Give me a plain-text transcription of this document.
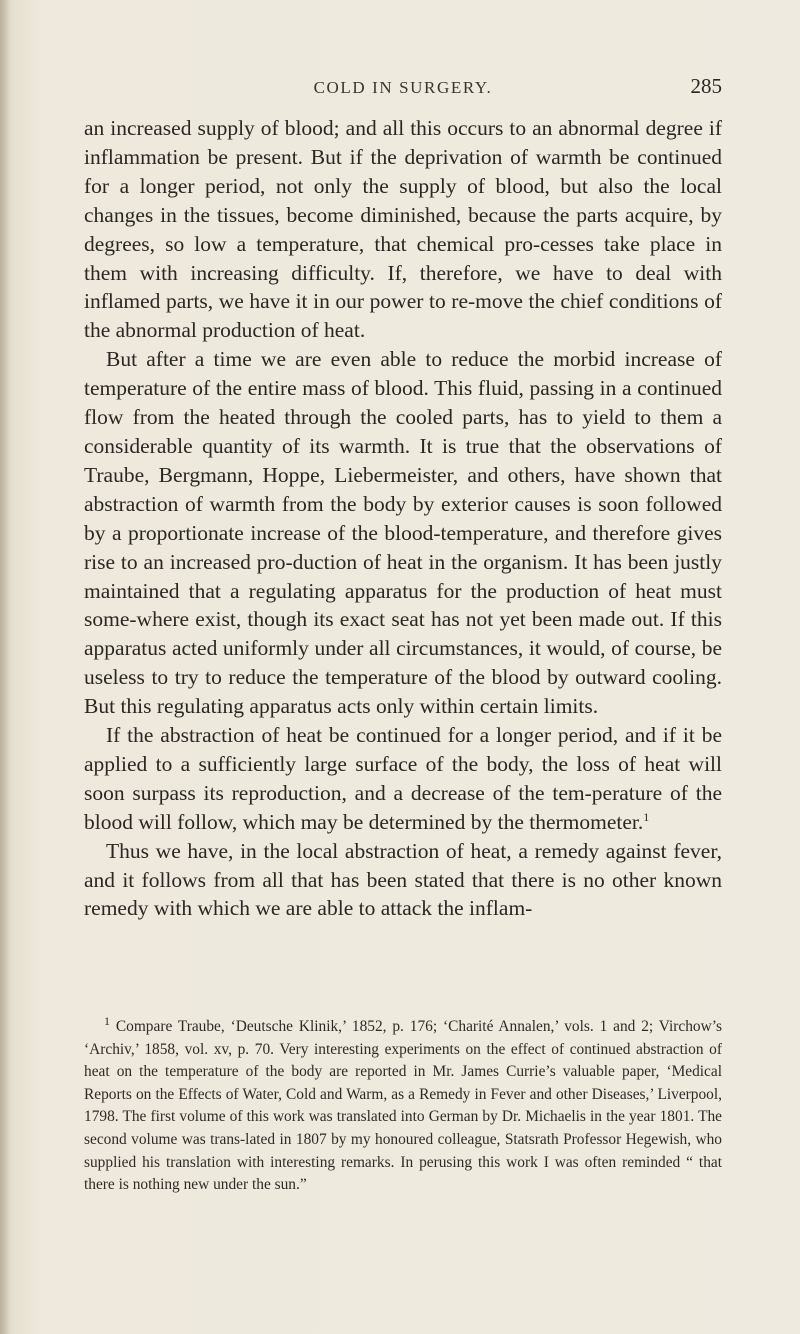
COLD IN SURGERY.	285

an increased supply of blood; and all this occurs to an abnormal degree if inflammation be present. But if the deprivation of warmth be continued for a longer period, not only the supply of blood, but also the local changes in the tissues, become diminished, because the parts acquire, by degrees, so low a temperature, that chemical pro-cesses take place in them with increasing difficulty. If, therefore, we have to deal with inflamed parts, we have it in our power to re-move the chief conditions of the abnormal production of heat.

But after a time we are even able to reduce the morbid increase of temperature of the entire mass of blood. This fluid, passing in a continued flow from the heated through the cooled parts, has to yield to them a considerable quantity of its warmth. It is true that the observations of Traube, Bergmann, Hoppe, Liebermeister, and others, have shown that abstraction of warmth from the body by exterior causes is soon followed by a proportionate increase of the blood-temperature, and therefore gives rise to an increased pro-duction of heat in the organism. It has been justly maintained that a regulating apparatus for the production of heat must some-where exist, though its exact seat has not yet been made out. If this apparatus acted uniformly under all circumstances, it would, of course, be useless to try to reduce the temperature of the blood by outward cooling. But this regulating apparatus acts only within certain limits.

If the abstraction of heat be continued for a longer period, and if it be applied to a sufficiently large surface of the body, the loss of heat will soon surpass its reproduction, and a decrease of the tem-perature of the blood will follow, which may be determined by the thermometer.$^1$

Thus we have, in the local abstraction of heat, a remedy against fever, and it follows from all that has been stated that there is no other known remedy with which we are able to attack the inflam-

$^1$ Compare Traube, ‘Deutsche Klinik,’ 1852, p. 176; ‘Charité Annalen,’ vols. 1 and 2; Virchow’s ‘Archiv,’ 1858, vol. xv, p. 70. Very interesting experiments on the effect of continued abstraction of heat on the temperature of the body are reported in Mr. James Currie’s valuable paper, ‘Medical Reports on the Effects of Water, Cold and Warm, as a Remedy in Fever and other Diseases,’ Liverpool, 1798. The first volume of this work was translated into German by Dr. Michaelis in the year 1801. The second volume was trans-lated in 1807 by my honoured colleague, Statsrath Professor Hegewish, who supplied his translation with interesting remarks. In perusing this work I was often reminded “ that there is nothing new under the sun.”
